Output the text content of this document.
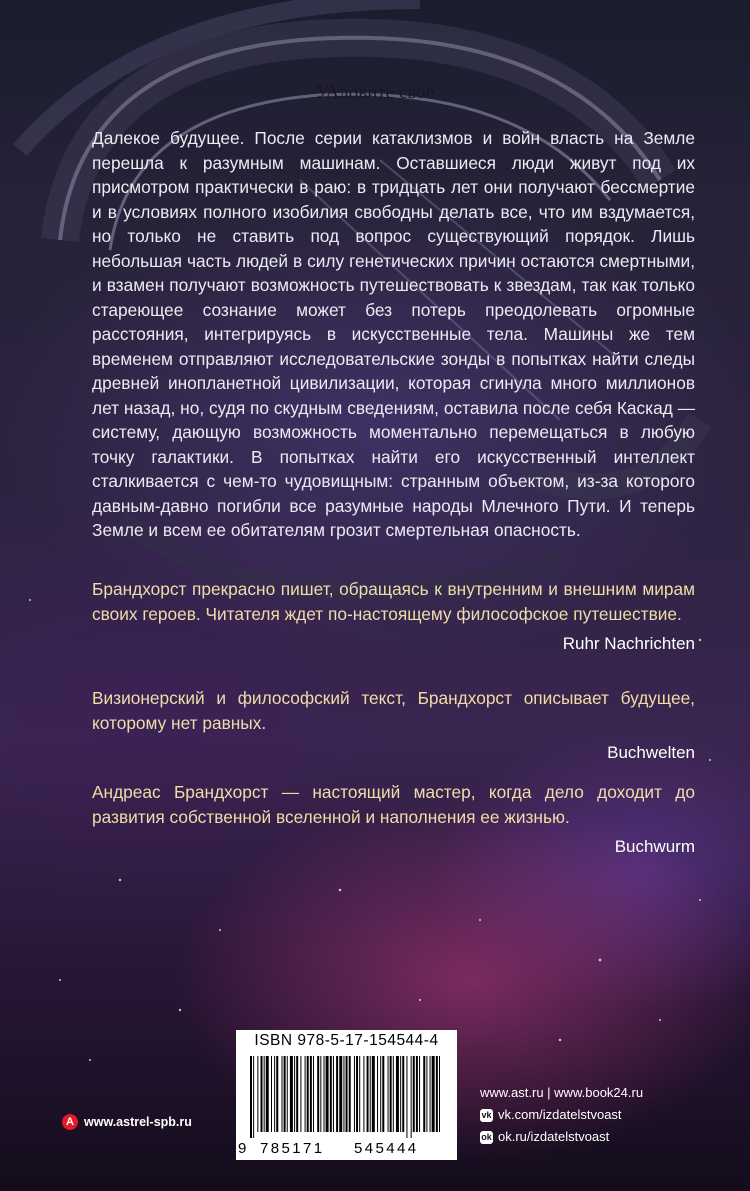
УАловите свое

Далекое будущее. После серии катаклизмов и войн власть на Земле перешла к разумным машинам. Оставшиеся люди живут под их присмотром практически в раю: в тридцать лет они получают бессмертие и в условиях полного изобилия свободны делать все, что им вздумается, но только не ставить под вопрос существующий порядок. Лишь небольшая часть людей в силу генетических причин остаются смертными, и взамен получают возможность путешествовать к звездам, так как только стареющее сознание может без потерь преодолевать огромные расстояния, интегрируясь в искусственные тела. Машины же тем временем отправляют исследовательские зонды в попытках найти следы древней инопланетной цивилизации, которая сгинула много миллионов лет назад, но, судя по скудным сведениям, оставила после себя Каскад — систему, дающую возможность моментально перемещаться в любую точку галактики. В попытках найти его искусственный интеллект сталкивается с чем-то чудовищным: странным объектом, из-за которого давным-давно погибли все разумные народы Млечного Пути. И теперь Земле и всем ее обитателям грозит смертельная опасность.

Брандхорст прекрасно пишет, обращаясь к внутренним и внешним мирам своих героев. Читателя ждет по-настоящему философское путешествие.
Ruhr Nachrichten
Визионерский и философский текст, Брандхорст описывает будущее, которому нет равных.
Buchwelten
Андреас Брандхорст — настоящий мастер, когда дело доходит до развития собственной вселенной и наполнения ее жизнью.
Buchwurm
ISBN 978-5-17-154544-4
9 785171 545444
A www.astrel-spb.ru
www.ast.ru | www.book24.ru
vk vk.com/izdatelstvoast
ok ok.ru/izdatelstvoast
